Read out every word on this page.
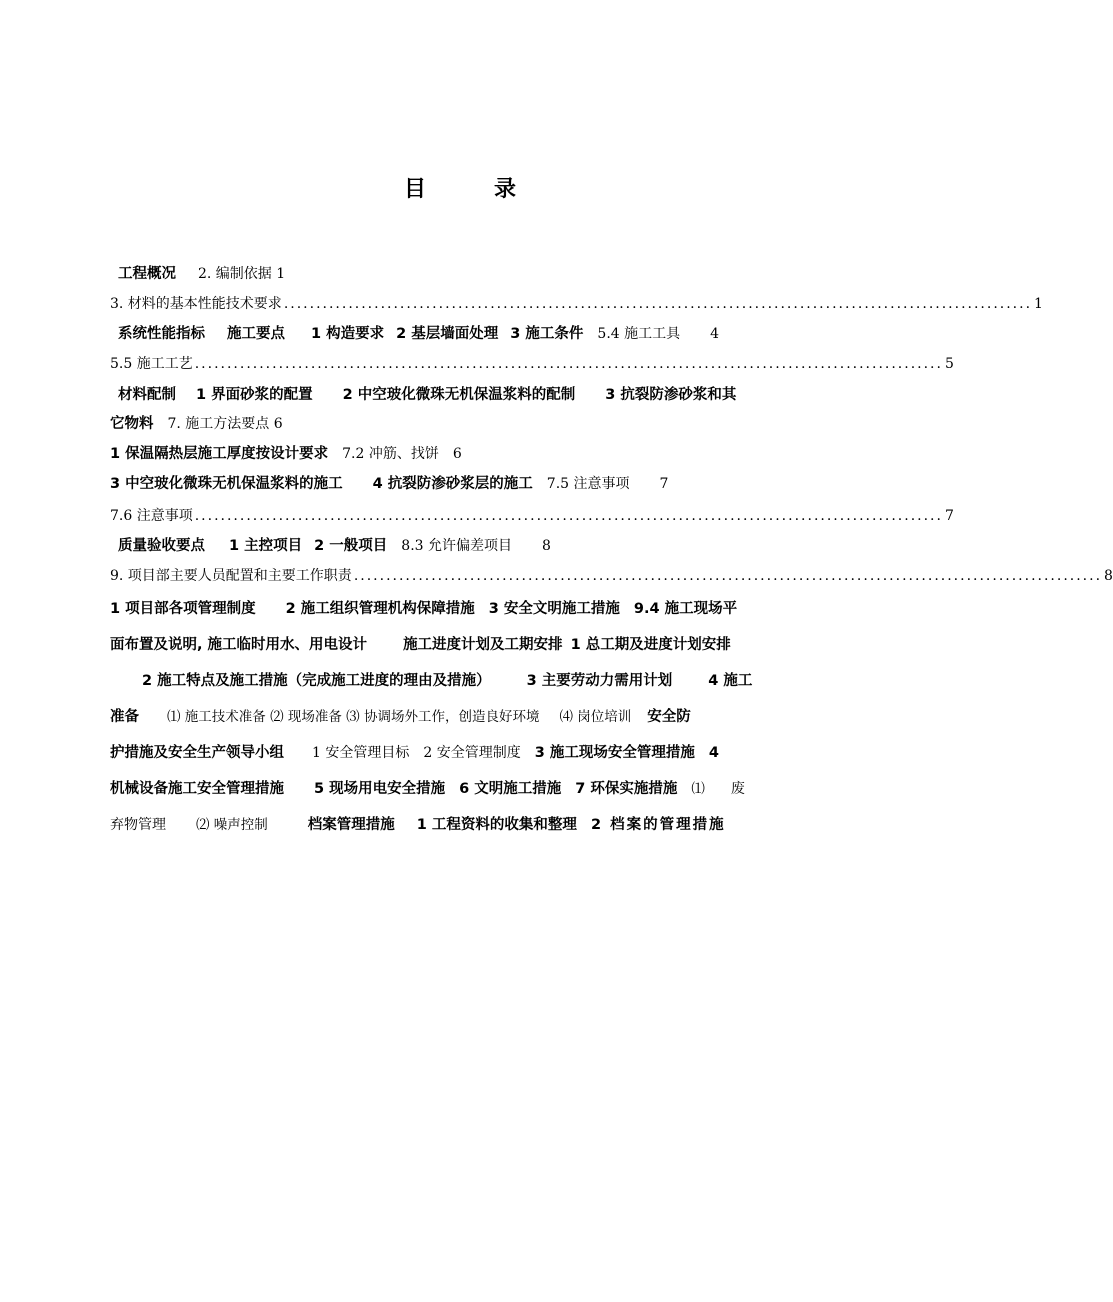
目录
工程概况 2. 编制依据 1
3. 材料的基本性能技术要求 .................................................................................................................... 1
系统性能指标 施工要点 1 构造要求 2 基层墙面处理 3 施工条件 5.4 施工工具 4
5.5 施工工艺 .................................................................................................................... 5
材料配制 1 界面砂浆的配置 2 中空玻化微珠无机保温浆料的配制 3 抗裂防渗砂浆和其
它物料 7. 施工方法要点 6
1 保温隔热层施工厚度按设计要求 7.2 冲筋、找饼 6
3 中空玻化微珠无机保温浆料的施工 4 抗裂防渗砂浆层的施工 7.5 注意事项 7
7.6 注意事项 .................................................................................................................... 7
质量验收要点 1 主控项目 2 一般项目 8.3 允许偏差项目 8
9. 项目部主要人员配置和主要工作职责 .................................................................................................................... 8
1 项目部各项管理制度 2 施工组织管理机构保障措施 3 安全文明施工措施 9.4 施工现场平
面布置及说明, 施工临时用水、用电设计 施工进度计划及工期安排 1 总工期及进度计划安排
2 施工特点及施工措施（完成施工进度的理由及措施） 3 主要劳动力需用计划 4 施工
准备 ⑴ 施工技术准备 ⑵ 现场准备 ⑶ 协调场外工作，创造良好环境 ⑷ 岗位培训 安全防
护措施及安全生产领导小组 1 安全管理目标 2 安全管理制度 3 施工现场安全管理措施 4
机械设备施工安全管理措施 5 现场用电安全措施 6 文明施工措施 7 环保实施措施 ⑴ 废
弃物管理 ⑵ 噪声控制	档案管理措施 1 工程资料的收集和整理 2 档案的管理措施
